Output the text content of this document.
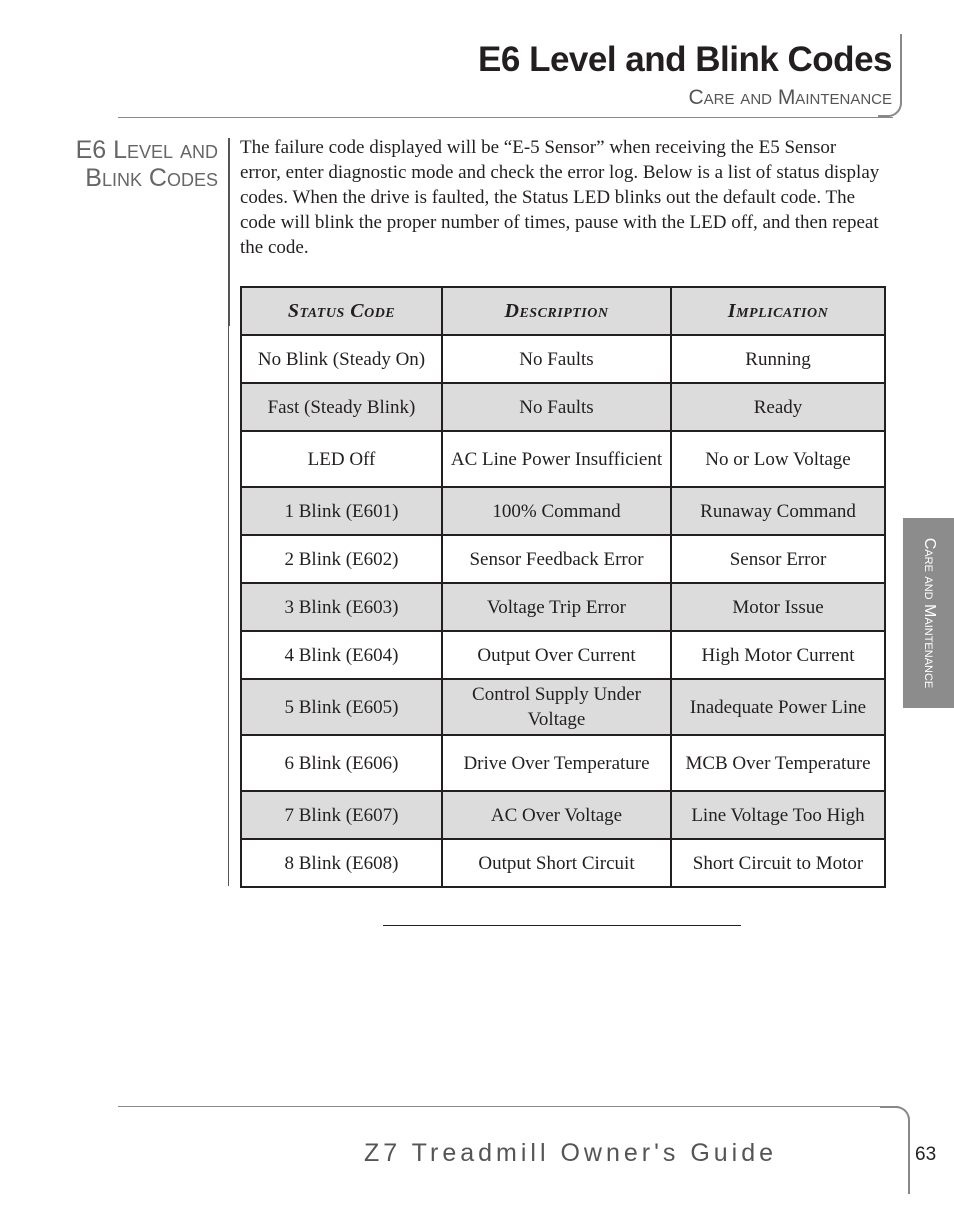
E6 Level and Blink Codes
Care and Maintenance
E6 Level and
Blink Codes
The failure code displayed will be “E-5 Sensor” when receiving the E5 Sensor error, enter diagnostic mode and check the error log. Below is a list of status display codes. When the drive is faulted, the Status LED blinks out the default code. The code will blink the proper number of times, pause with the LED off, and then repeat the code.
Status Code	Description	Implication
No Blink (Steady On)	No Faults	Running
Fast (Steady Blink)	No Faults	Ready
LED Off	AC Line Power Insufficient	No or Low Voltage
1 Blink (E601)	100% Command	Runaway Command
2 Blink (E602)	Sensor Feedback Error	Sensor Error
3 Blink (E603)	Voltage Trip Error	Motor Issue
4 Blink (E604)	Output Over Current	High Motor Current
5 Blink (E605)	Control Supply Under Voltage	Inadequate Power Line
6 Blink (E606)	Drive Over Temperature	MCB Over Temperature
7 Blink (E607)	AC Over Voltage	Line Voltage Too High
8 Blink (E608)	Output Short Circuit	Short Circuit to Motor
Care and Maintenance
Z7 Treadmill Owner's Guide	63
